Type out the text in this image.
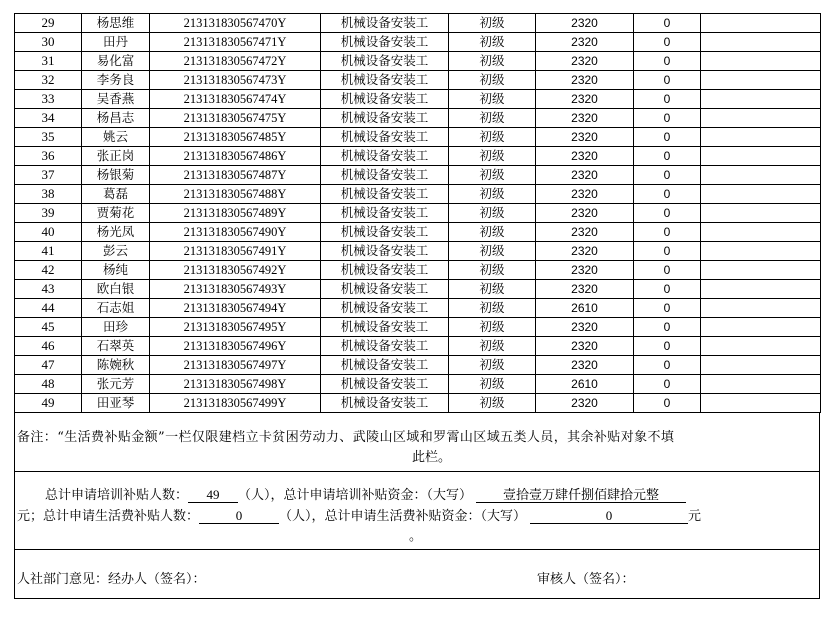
29	杨思维	213131830567470Y	机械设备安装工	初级	2320	0	
30	田丹	213131830567471Y	机械设备安装工	初级	2320	0	
31	易化富	213131830567472Y	机械设备安装工	初级	2320	0	
32	李务良	213131830567473Y	机械设备安装工	初级	2320	0	
33	吴香燕	213131830567474Y	机械设备安装工	初级	2320	0	
34	杨昌志	213131830567475Y	机械设备安装工	初级	2320	0	
35	姚云	213131830567485Y	机械设备安装工	初级	2320	0	
36	张正岗	213131830567486Y	机械设备安装工	初级	2320	0	
37	杨银菊	213131830567487Y	机械设备安装工	初级	2320	0	
38	葛磊	213131830567488Y	机械设备安装工	初级	2320	0	
39	贾菊花	213131830567489Y	机械设备安装工	初级	2320	0	
40	杨光凤	213131830567490Y	机械设备安装工	初级	2320	0	
41	彭云	213131830567491Y	机械设备安装工	初级	2320	0	
42	杨纯	213131830567492Y	机械设备安装工	初级	2320	0	
43	欧白银	213131830567493Y	机械设备安装工	初级	2320	0	
44	石志姐	213131830567494Y	机械设备安装工	初级	2610	0	
45	田珍	213131830567495Y	机械设备安装工	初级	2320	0	
46	石翠英	213131830567496Y	机械设备安装工	初级	2320	0	
47	陈婉秋	213131830567497Y	机械设备安装工	初级	2320	0	
48	张元芳	213131830567498Y	机械设备安装工	初级	2610	0	
49	田亚琴	213131830567499Y	机械设备安装工	初级	2320	0	
备注：“生活费补贴金额”一栏仅限建档立卡贫困劳动力、武陵山区域和罗霄山区域五类人员，其余补贴对象不填
此栏。
总计申请培训补贴人数： 49 （人），总计申请培训补贴资金：（大写） 壹拾壹万肆仟捌佰肆拾元整
元；总计申请生活费补贴人数：	0	（人），总计申请生活费补贴资金：（大写）	0	元
。
人社部门意见：经办人（签名）：	审核人（签名）：
